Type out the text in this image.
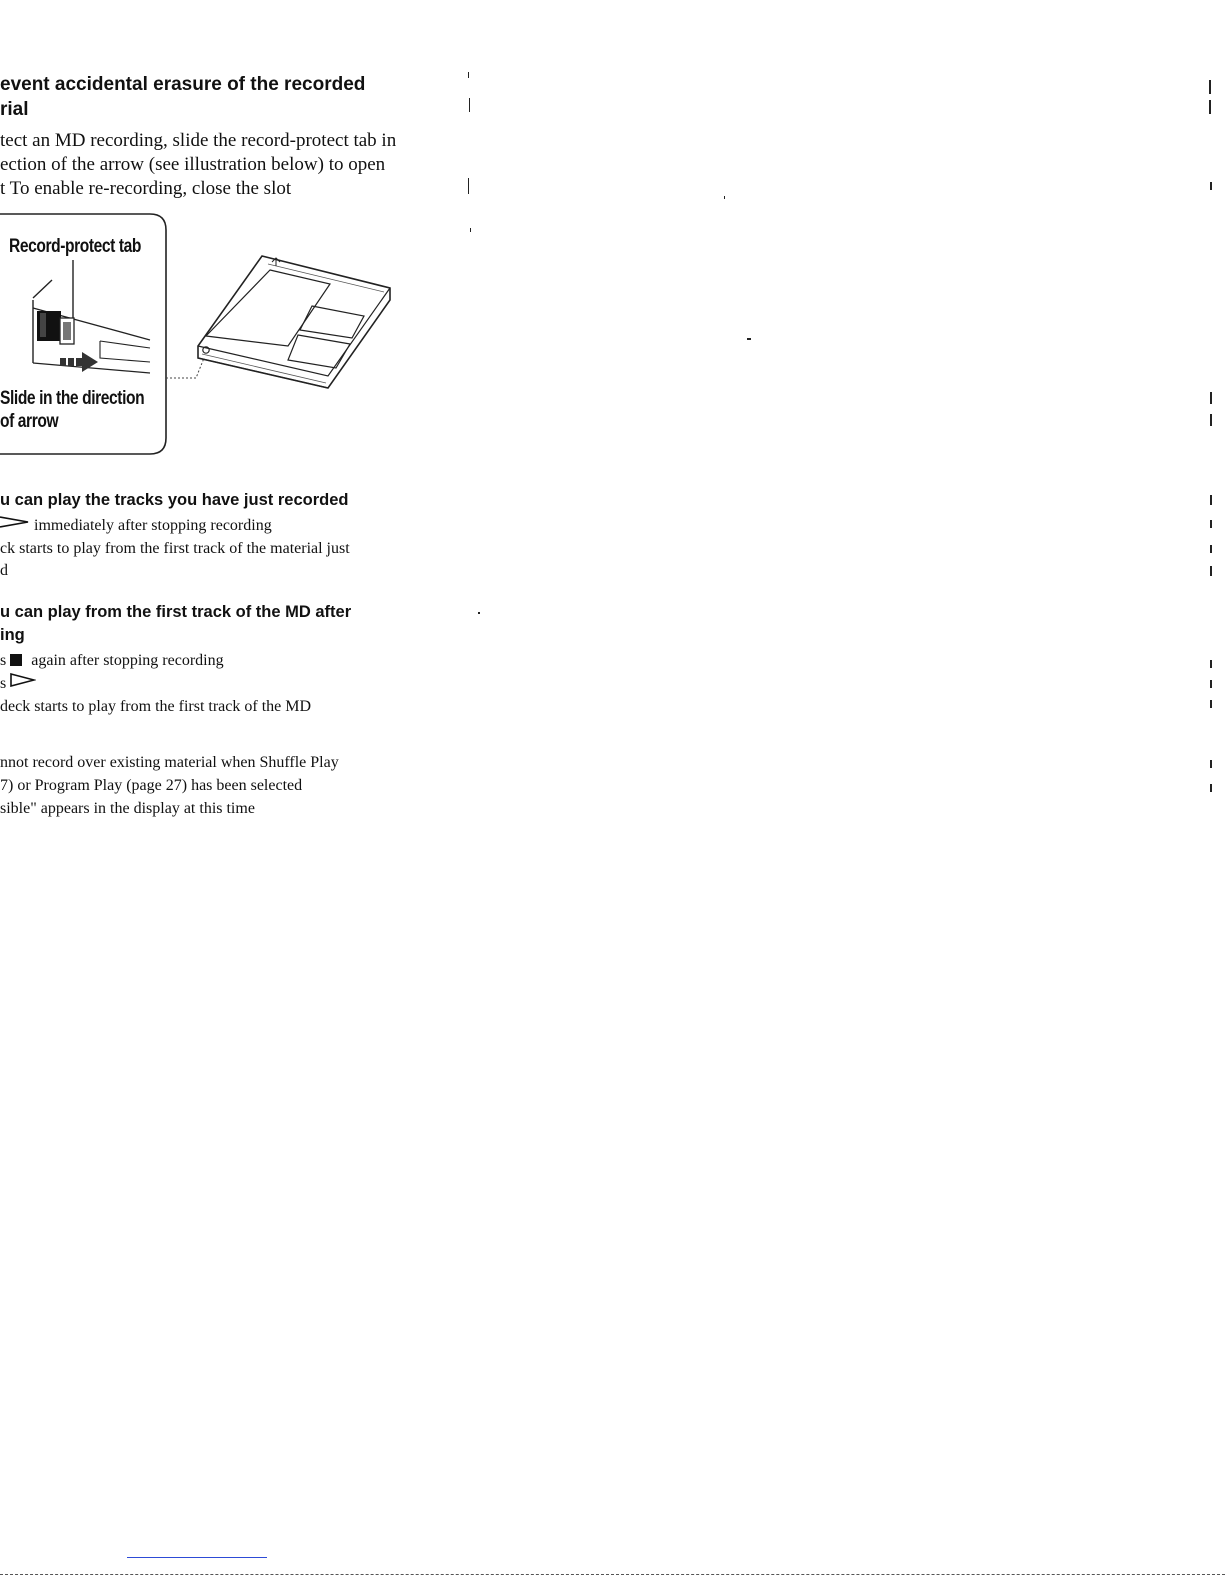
event accidental erasure of the recorded
rial
tect an MD recording, slide the record-protect tab in
ection of the arrow (see illustration below) to open
t To enable re-recording, close the slot
Record-protect tab
Slide in the direction
of arrow
u can play the tracks you have just recorded
immediately after stopping recording
ck starts to play from the first track of the material just
d
u can play from the first track of the MD after
ing
s  again after stopping recording
s
deck starts to play from the first track of the MD
nnot record over existing material when Shuffle Play
7) or Program Play (page 27) has been selected
sible" appears in the display at this time
